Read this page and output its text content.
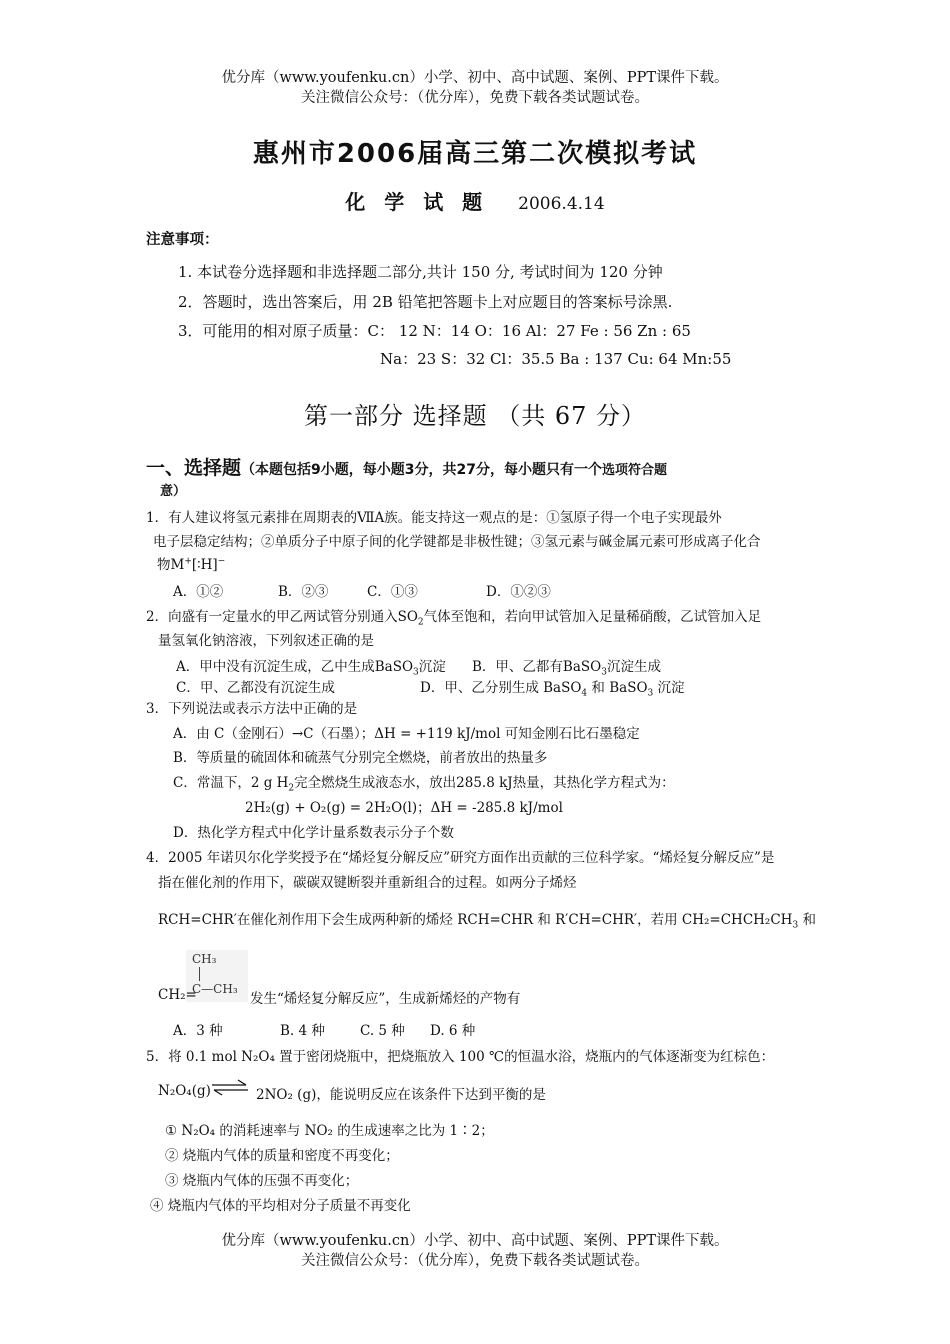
优分库（www.youfenku.cn）小学、初中、高中试题、案例、PPT课件下载。
关注微信公众号：（优分库），免费下载各类试题试卷。
惠州市2006届高三第二次模拟考试
化 学 试 题 2006.4.14
注意事项：
1. 本试卷分选择题和非选择题二部分,共计 150 分, 考试时间为 120 分钟
2．答题时，选出答案后，用 2B 铅笔把答题卡上对应题目的答案标号涂黑.
3．可能用的相对原子质量：C： 12 N：14 O：16 Al：27 Fe : 56 Zn : 65
Na：23 S：32 Cl：35.5 Ba : 137 Cu: 64 Mn:55
第一部分 选择题 （共 67 分）
一、选择题（本题包括9小题，每小题3分，共27分，每小题只有一个选项符合题
意）
1．有人建议将氢元素排在周期表的ⅦA族。能支持这一观点的是：①氢原子得一个电子实现最外
电子层稳定结构；②单质分子中原子间的化学键都是非极性键；③氢元素与碱金属元素可形成离子化合
物M+[∶H]−
A．①②	B．②③	C．①③	D．①②③
2．向盛有一定量水的甲乙两试管分别通入$SO_2$气体至饱和，若向甲试管加入足量稀硝酸，乙试管加入足
量氢氧化钠溶液，下列叙述正确的是
A．甲中没有沉淀生成，乙中生成BaSO$_3$沉淀 B．甲、乙都有BaSO$_3$沉淀生成
C．甲、乙都没有沉淀生成	D．甲、乙分别生成 BaSO$_4$ 和 BaSO$_3$ 沉淀
3．下列说法或表示方法中正确的是
A．由 C（金刚石）→C（石墨）；ΔH = +119 kJ/mol 可知金刚石比石墨稳定
B．等质量的硫固体和硫蒸气分别完全燃烧，前者放出的热量多
C．常温下，2 g $H_2$完全燃烧生成液态水，放出285.8 kJ热量，其热化学方程式为：
2H₂(g) + O₂(g) = 2H₂O(l)；ΔH = -285.8 kJ/mol
D．热化学方程式中化学计量系数表示分子个数
4．2005 年诺贝尔化学奖授予在“烯烃复分解反应”研究方面作出贡献的三位科学家。“烯烃复分解反应”是
指在催化剂的作用下，碳碳双键断裂并重新组合的过程。如两分子烯烃
RCH=CHR′在催化剂作用下会生成两种新的烯烃 RCH=CHR 和 R′CH=CHR′，若用 $CH_2=CHCH_2CH_3$ 和
CH₃
C—CH₃
CH₂=	发生“烯烃复分解反应”，生成新烯烃的产物有
A．3 种	B. 4 种	C. 5 种 D. 6 种
5．将 0.1 mol N₂O₄ 置于密闭烧瓶中，把烧瓶放入 100 ℃的恒温水浴，烧瓶内的气体逐渐变为红棕色：
N₂O₄(g) ⇌ 2NO₂ (g)，能说明反应在该条件下达到平衡的是
① N₂O₄ 的消耗速率与 NO₂ 的生成速率之比为 1∶2；
② 烧瓶内气体的质量和密度不再变化；
③ 烧瓶内气体的压强不再变化；
④ 烧瓶内气体的平均相对分子质量不再变化
优分库（www.youfenku.cn）小学、初中、高中试题、案例、PPT课件下载。
关注微信公众号：（优分库），免费下载各类试题试卷。
